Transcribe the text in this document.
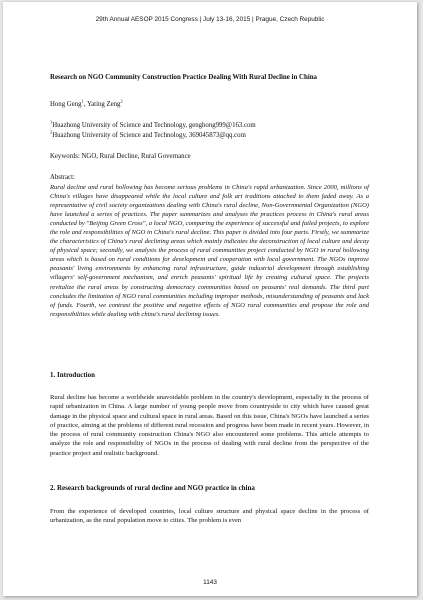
29th Annual AESOP 2015 Congress | July 13-16, 2015 | Prague, Czech Republic
Research on NGO Community Construction Practice Dealing With Rural Decline in China
Hong Geng$^1$, Yating Zeng$^2$
$^1$Huazhong University of Science and Technology, genghong999@163.com
$^2$Huazhong University of Science and Technology, 369045873@qq.com
Keywords: NGO, Rural Decline, Rural Governance
Abstract:
Rural decline and rural hollowing has become serious problems in China's rapid urbanization. Since 2000, millions of China's villages have disappeared while the local culture and folk art traditions attached to them faded away. As a representative of civil society organizations dealing with China's rural decline, Non-Governmental Organization (NGO) have launched a series of practices. The paper summarizes and analyses the practices process in China's rural areas conducted by "Beijing Green Cross", a local NGO, comparing the experience of successful and failed projects, to explore the role and responsibilities of NGO in China's rural decline. This paper is divided into four parts. Firstly, we summarize the characteristics of China's rural declining areas which mainly indicates the deconstruction of local culture and decay of physical space; secondly, we analysis the process of rural communities project conducted by NGO in rural hollowing areas which is based on rural conditions for development and cooperation with local government. The NGOs improve peasants' living environments by enhancing rural infrastructure, guide industrial development through establishing villagers' self-government mechanism, and enrich peasants' spiritual life by creating cultural space. The projects revitalize the rural areas by constructing democracy communities based on peasants' real demands. The third part concludes the limitation of NGO rural communities including improper methods, misunderstanding of peasants and lack of funds. Fourth, we contrast the positive and negative effects of NGO rural communities and propose the role and responsibilities while dealing with china's rural declining issues.
1. Introduction
Rural decline has become a worldwide unavoidable problem in the country's development, especially in the process of rapid urbanization in China. A large number of young people move from countryside to city which have caused great damage in the physical space and cultural space in rural areas. Based on this issue, China's NGOs have launched a series of practice, aiming at the problems of different rural recession and progress have been made in recent years. However, in the process of rural community construction China's NGO also encountered some problems. This article attempts to analyze the role and responsibility of NGOs in the process of dealing with rural decline from the perspective of the practice project and realistic background.
2. Research backgrounds of rural decline and NGO practice in china
From the experience of developed countries, local culture structure and physical space decline in the process of urbanization, as the rural population move to cities. The problem is even
1143
